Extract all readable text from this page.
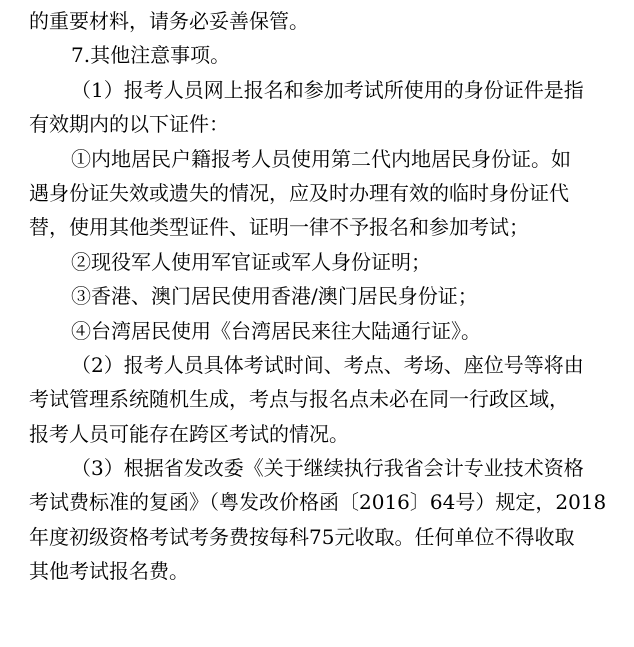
的重要材料，请务必妥善保管。
7.其他注意事项。
（1）报考人员网上报名和参加考试所使用的身份证件是指
有效期内的以下证件：
①内地居民户籍报考人员使用第二代内地居民身份证。如
遇身份证失效或遗失的情况，应及时办理有效的临时身份证代
替，使用其他类型证件、证明一律不予报名和参加考试；
②现役军人使用军官证或军人身份证明；
③香港、澳门居民使用香港/澳门居民身份证；
④台湾居民使用《台湾居民来往大陆通行证》。
（2）报考人员具体考试时间、考点、考场、座位号等将由
考试管理系统随机生成，考点与报名点未必在同一行政区域，
报考人员可能存在跨区考试的情况。
（3）根据省发改委《关于继续执行我省会计专业技术资格
考试费标准的复函》（粤发改价格函〔2016〕64号）规定，2018
年度初级资格考试考务费按每科75元收取。任何单位不得收取
其他考试报名费。
